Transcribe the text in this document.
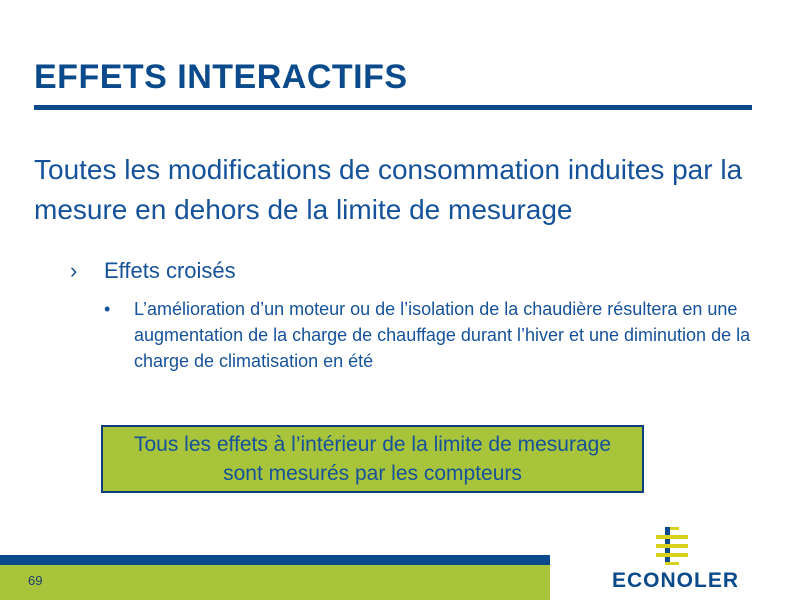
EFFETS INTERACTIFS
Toutes les modifications de consommation induites par la mesure en dehors de la limite de mesurage
› Effets croisés
• L’amélioration d’un moteur ou de l’isolation de la chaudière résultera en une augmentation de la charge de chauffage durant l’hiver et une diminution de la charge de climatisation en été
Tous les effets à l’intérieur de la limite de mesurage
sont mesurés par les compteurs
69	ECONOLER
